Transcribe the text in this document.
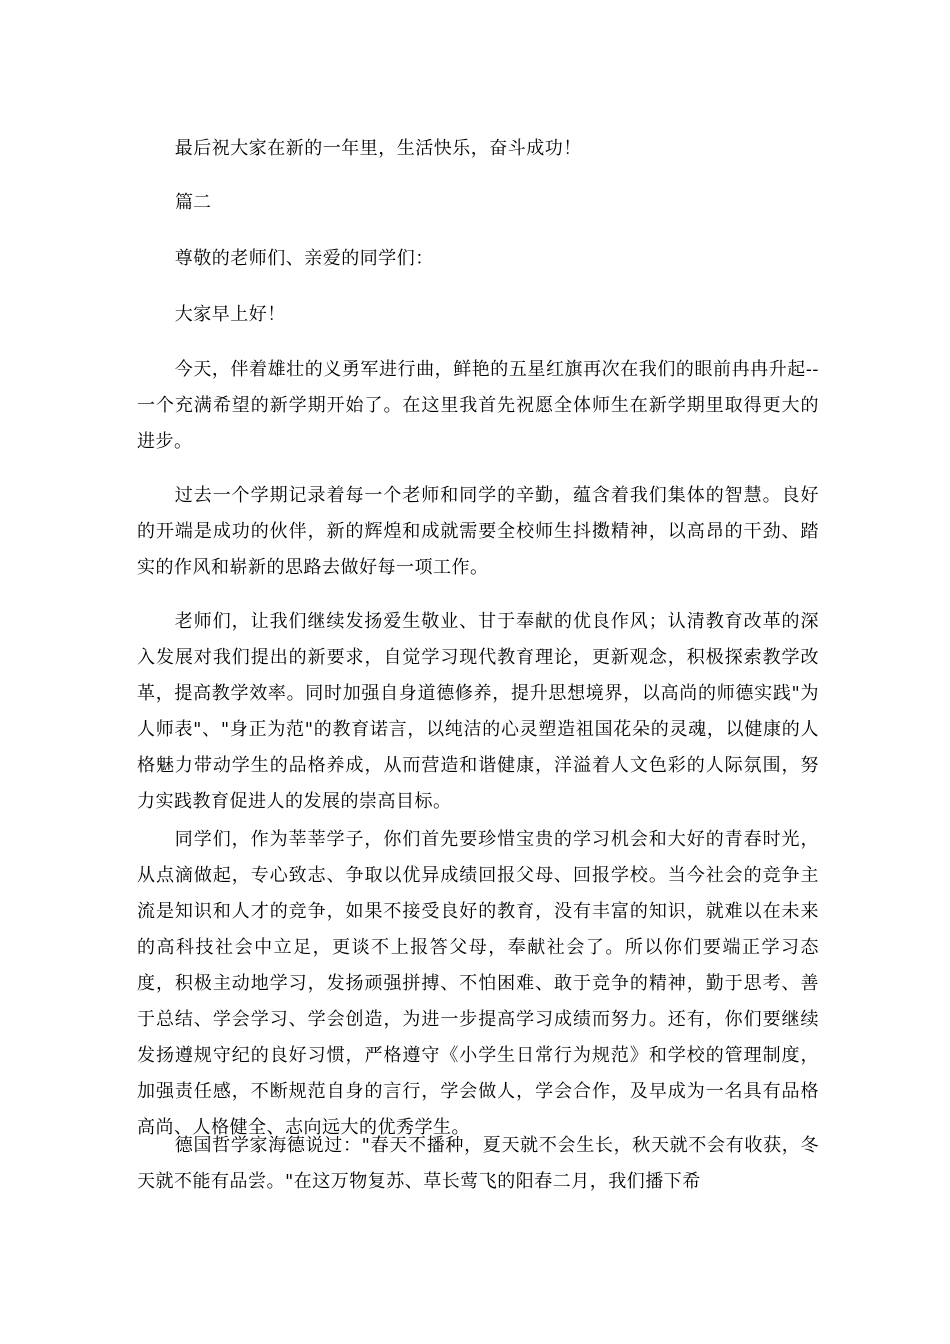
最后祝大家在新的一年里，生活快乐，奋斗成功！

篇二

尊敬的老师们、亲爱的同学们：

大家早上好！

今天，伴着雄壮的义勇军进行曲，鲜艳的五星红旗再次在我们的眼前冉冉升起--一个充满希望的新学期开始了。在这里我首先祝愿全体师生在新学期里取得更大的进步。

过去一个学期记录着每一个老师和同学的辛勤，蕴含着我们集体的智慧。良好的开端是成功的伙伴，新的辉煌和成就需要全校师生抖擞精神，以高昂的干劲、踏实的作风和崭新的思路去做好每一项工作。

老师们，让我们继续发扬爱生敬业、甘于奉献的优良作风；认清教育改革的深入发展对我们提出的新要求，自觉学习现代教育理论，更新观念，积极探索教学改革，提高教学效率。同时加强自身道德修养，提升思想境界，以高尚的师德实践"为人师表"、"身正为范"的教育诺言，以纯洁的心灵塑造祖国花朵的灵魂，以健康的人格魅力带动学生的品格养成，从而营造和谐健康，洋溢着人文色彩的人际氛围，努力实践教育促进人的发展的崇高目标。

同学们，作为莘莘学子，你们首先要珍惜宝贵的学习机会和大好的青春时光，从点滴做起，专心致志、争取以优异成绩回报父母、回报学校。当今社会的竞争主流是知识和人才的竞争，如果不接受良好的教育，没有丰富的知识，就难以在未来的高科技社会中立足，更谈不上报答父母，奉献社会了。所以你们要端正学习态度，积极主动地学习，发扬顽强拼搏、不怕困难、敢于竞争的精神，勤于思考、善于总结、学会学习、学会创造，为进一步提高学习成绩而努力。还有，你们要继续发扬遵规守纪的良好习惯，严格遵守《小学生日常行为规范》和学校的管理制度，加强责任感，不断规范自身的言行，学会做人，学会合作，及早成为一名具有品格高尚、人格健全、志向远大的优秀学生。

德国哲学家海德说过："春天不播种，夏天就不会生长，秋天就不会有收获，冬天就不能有品尝。"在这万物复苏、草长莺飞的阳春二月，我们播下希
